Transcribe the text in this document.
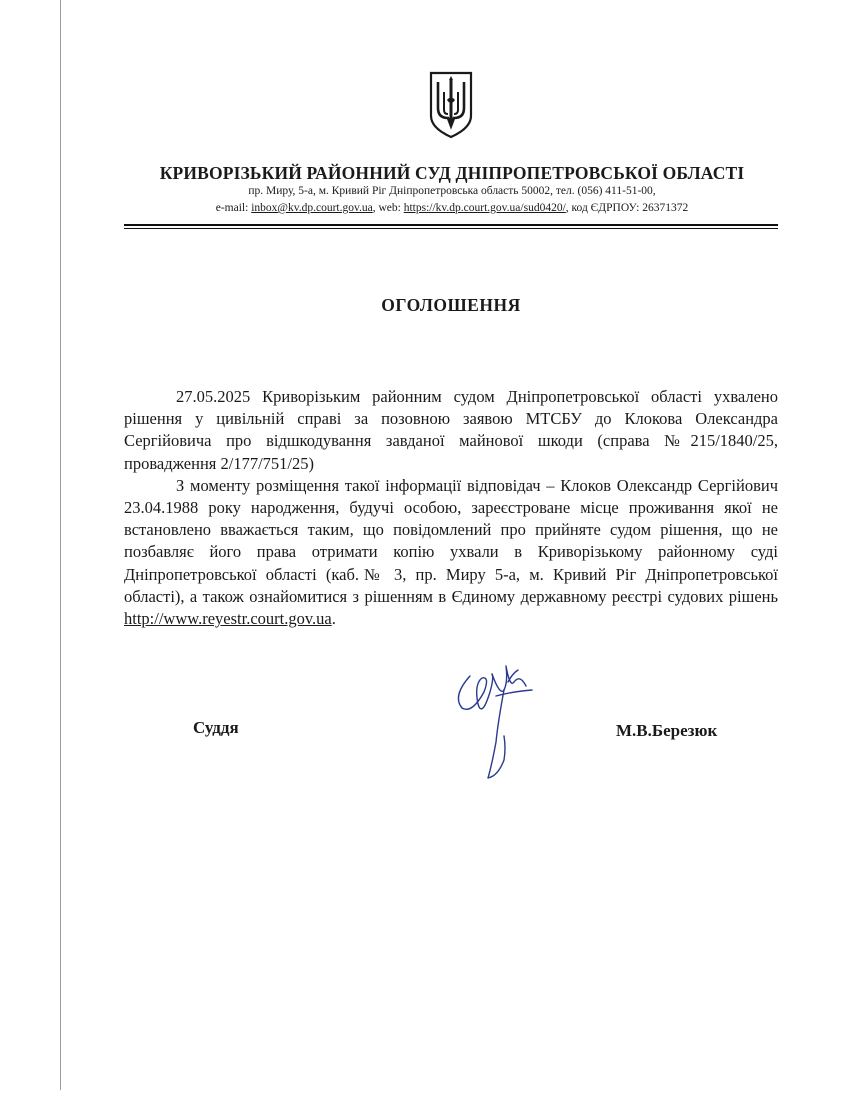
КРИВОРІЗЬКИЙ РАЙОННИЙ СУД ДНІПРОПЕТРОВСЬКОЇ ОБЛАСТІ
пр. Миру, 5-а, м. Кривий Ріг Дніпропетровська область 50002, тел. (056) 411-51-00,
e-mail: inbox@kv.dp.court.gov.ua, web: https://kv.dp.court.gov.ua/sud0420/, код ЄДРПОУ: 26371372
ОГОЛОШЕННЯ

27.05.2025 Криворізьким районним судом Дніпропетровської області ухвалено рішення у цивільній справі за позовною заявою МТСБУ до Клокова Олександра Сергійовича про відшкодування завданої майнової шкоди (справа №215/1840/25, провадження 2/177/751/25)

З моменту розміщення такої інформації відповідач – Клоков Олександр Сергійович 23.04.1988 року народження, будучі особою, зареєстроване місце проживання якої не встановлено вважається таким, що повідомлений про прийняте судом рішення, що не позбавляє його права отримати копію ухвали в Криворізькому районному суді Дніпропетровської області (каб.№ 3, пр. Миру 5-а, м. Кривий Ріг Дніпропетровської області), а також ознайомитися з рішенням в Єдиному державному реєстрі судових рішень http://www.reyestr.court.gov.ua.

Суддя	М.В.Березюк
